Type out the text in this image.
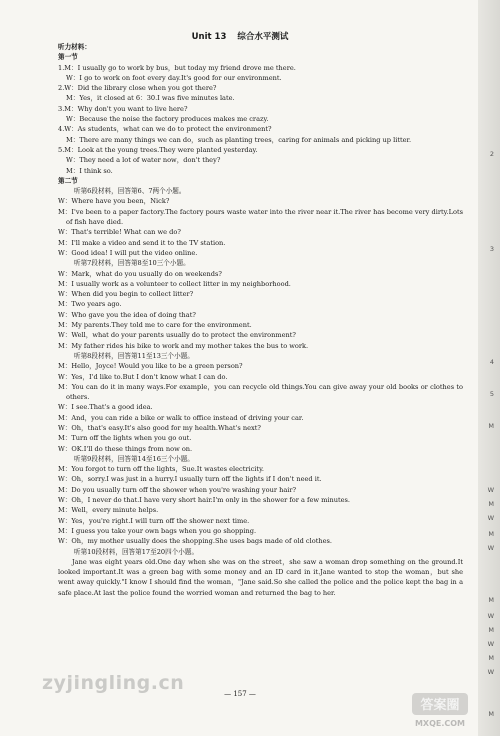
Unit 13 综合水平测试
听力材料：
第一节
1.M：I usually go to work by bus，but today my friend drove me there.
W：I go to work on foot every day.It's good for our environment.
2.W：Did the library close when you got there?
M：Yes，it closed at 6：30.I was five minutes late.
3.M：Why don't you want to live here?
W：Because the noise the factory produces makes me crazy.
4.W：As students，what can we do to protect the environment?
M：There are many things we can do，such as planting trees，caring for animals and picking up litter.
5.M：Look at the young trees.They were planted yesterday.
W：They need a lot of water now，don't they?
M：I think so.
第二节
听第6段材料，回答第6、7两个小题。
W：Where have you been，Nick?
M：I've been to a paper factory.The factory pours waste water into the river near it.The river has become very dirty.Lots of fish have died.
W：That's terrible! What can we do?
M：I'll make a video and send it to the TV station.
W：Good idea! I will put the video online.
听第7段材料，回答第8至10三个小题。
W：Mark，what do you usually do on weekends?
M：I usually work as a volunteer to collect litter in my neighborhood.
W：When did you begin to collect litter?
M：Two years ago.
W：Who gave you the idea of doing that?
M：My parents.They told me to care for the environment.
W：Well，what do your parents usually do to protect the environment?
M：My father rides his bike to work and my mother takes the bus to work.
听第8段材料，回答第11至13三个小题。
M：Hello，Joyce! Would you like to be a green person?
W：Yes，I'd like to.But I don't know what I can do.
M：You can do it in many ways.For example，you can recycle old things.You can give away your old books or clothes to others.
W：I see.That's a good idea.
M：And，you can ride a bike or walk to office instead of driving your car.
W：Oh，that's easy.It's also good for my health.What's next?
M：Turn off the lights when you go out.
W：OK.I'll do these things from now on.
听第9段材料，回答第14至16三个小题。
M：You forgot to turn off the lights，Sue.It wastes electricity.
W：Oh，sorry.I was just in a hurry.I usually turn off the lights if I don't need it.
M：Do you usually turn off the shower when you're washing your hair?
W：Oh，I never do that.I have very short hair.I'm only in the shower for a few minutes.
M：Well，every minute helps.
W：Yes，you're right.I will turn off the shower next time.
M：I guess you take your own bags when you go shopping.
W：Oh，my mother usually does the shopping.She uses bags made of old clothes.
听第10段材料，回答第17至20四个小题。
Jane was eight years old.One day when she was on the street，she saw a woman drop something on the ground.It looked important.It was a green bag with some money and an ID card in it.Jane wanted to stop the woman，but she went away quickly."I know I should find the woman，"Jane said.So she called the police and the police kept the bag in a safe place.At last the police found the worried woman and returned the bag to her.
— 157 —
2
3
4
5
M
W
M
W
M
W
M
W
M
W
M
W
M
zyjingling.cn
答案圈
MXQE.COM
